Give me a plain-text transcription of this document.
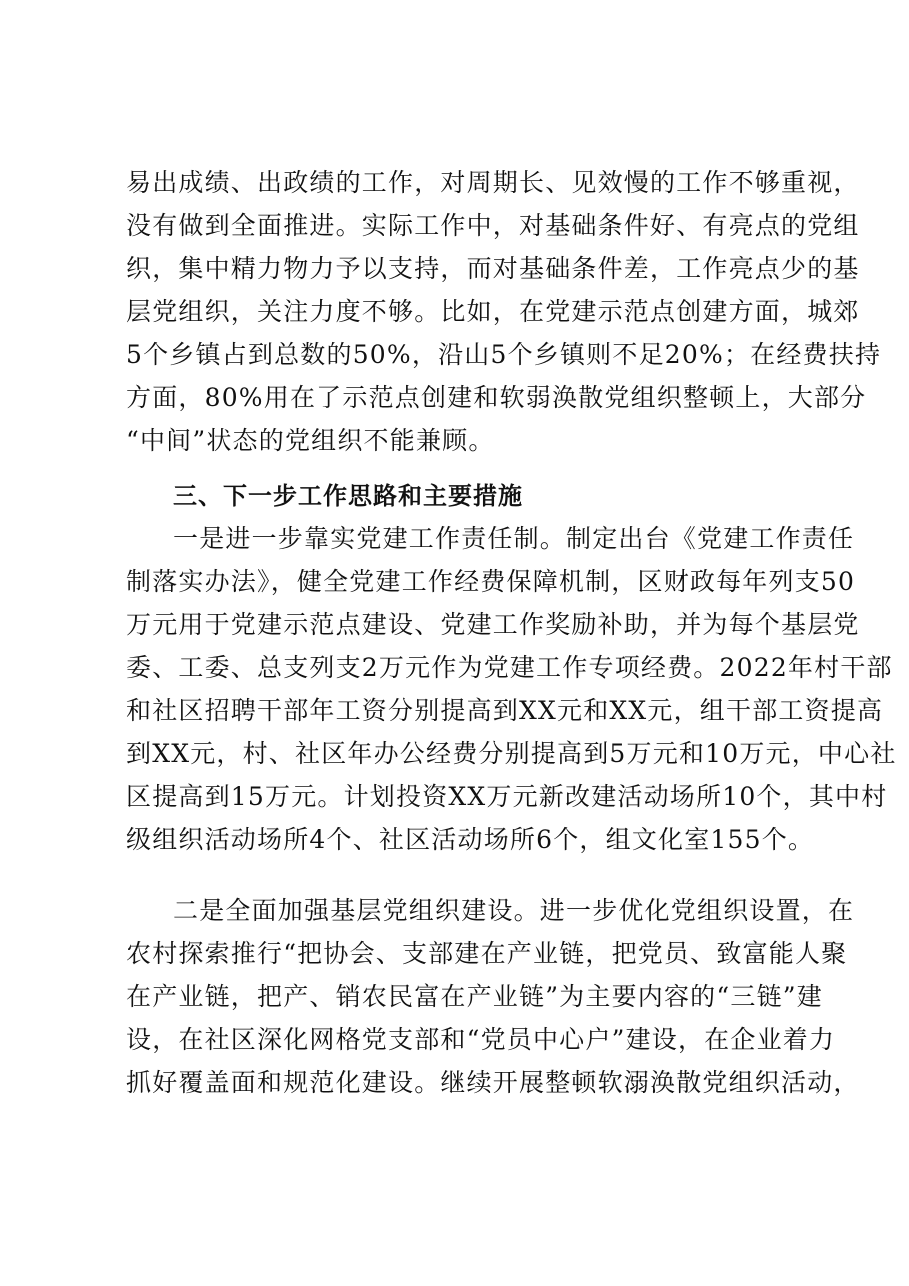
易出成绩、出政绩的工作，对周期长、见效慢的工作不够重视，
没有做到全面推进。实际工作中，对基础条件好、有亮点的党组
织，集中精力物力予以支持，而对基础条件差，工作亮点少的基
层党组织，关注力度不够。比如，在党建示范点创建方面，城郊
5个乡镇占到总数的50%，沿山5个乡镇则不足20%；在经费扶持
方面，80%用在了示范点创建和软弱涣散党组织整顿上，大部分
“中间”状态的党组织不能兼顾。
三、下一步工作思路和主要措施
一是进一步靠实党建工作责任制。制定出台《党建工作责任
制落实办法》，健全党建工作经费保障机制，区财政每年列支50
万元用于党建示范点建设、党建工作奖励补助，并为每个基层党
委、工委、总支列支2万元作为党建工作专项经费。2022年村干部
和社区招聘干部年工资分别提高到XX元和XX元，组干部工资提高
到XX元，村、社区年办公经费分别提高到5万元和10万元，中心社
区提高到15万元。计划投资XX万元新改建活动场所10个，其中村
级组织活动场所4个、社区活动场所6个，组文化室155个。
二是全面加强基层党组织建设。进一步优化党组织设置，在
农村探索推行“把协会、支部建在产业链，把党员、致富能人聚
在产业链，把产、销农民富在产业链”为主要内容的“三链”建
设，在社区深化网格党支部和“党员中心户”建设，在企业着力
抓好覆盖面和规范化建设。继续开展整顿软溺涣散党组织活动，
